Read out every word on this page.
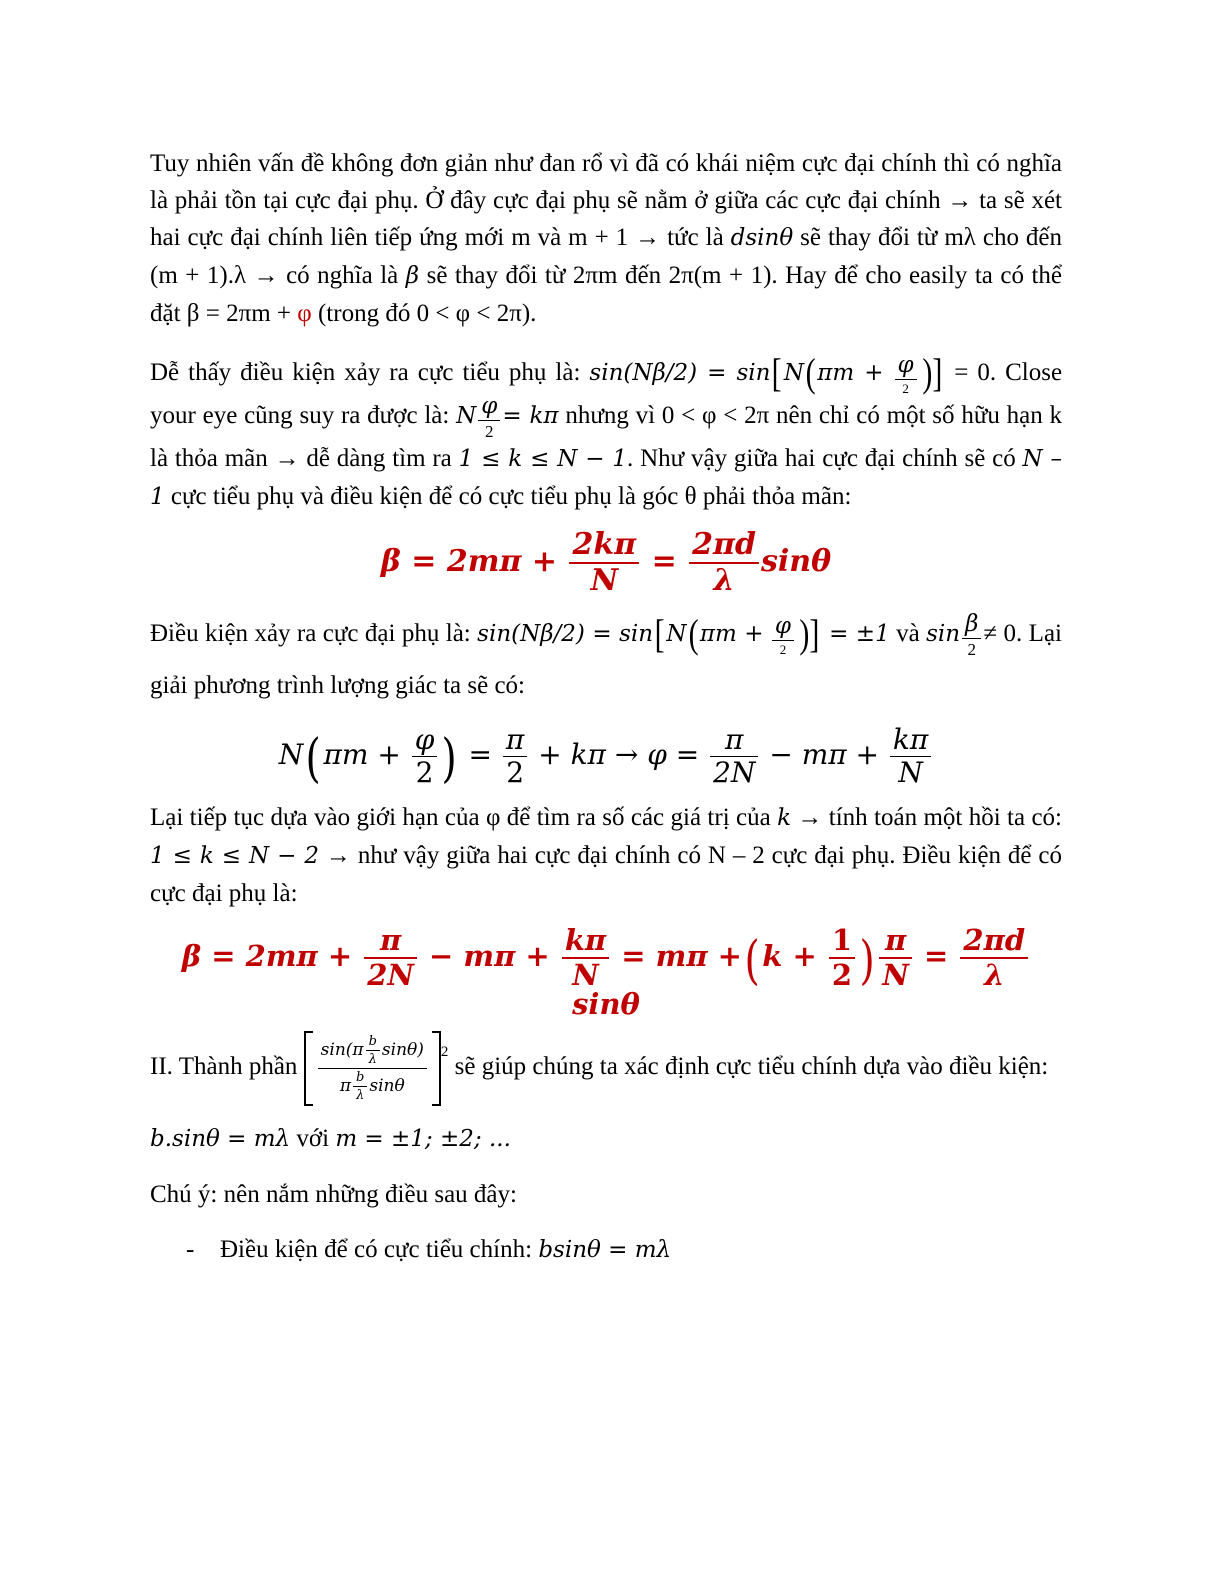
Tuy nhiên vấn đề không đơn giản như đan rổ vì đã có khái niệm cực đại chính thì có nghĩa là phải tồn tại cực đại phụ. Ở đây cực đại phụ sẽ nằm ở giữa các cực đại chính → ta sẽ xét hai cực đại chính liên tiếp ứng mới m và m + 1 → tức là dsinθ sẽ thay đổi từ mλ cho đến (m + 1).λ → có nghĩa là β sẽ thay đổi từ 2πm đến 2π(m + 1). Hay để cho easily ta có thể đặt β = 2πm + φ (trong đó 0 < φ < 2π).

Dễ thấy điều kiện xảy ra cực tiểu phụ là: $\sin(N\beta/2) = \sin[N(\pi m + \frac{\varphi}{2}$ )] = 0. Close your eye cũng suy ra được là: N $\frac{\varphi}{2} = k\pi$ nhưng vì 0 < φ < 2π nên chỉ có một số hữu hạn k là thỏa mãn → dễ dàng tìm ra 1 ≤ k ≤ N − 1. Như vậy giữa hai cực đại chính sẽ có N – 1 cực tiểu phụ và điều kiện để có cực tiểu phụ là góc θ phải thỏa mãn:

$\beta = 2m\pi + \frac{2k\pi}{N} = \frac{2\pi d}{\lambda}$ sinθ

Điều kiện xảy ra cực đại phụ là: $\sin(N\beta/2) = \sin[N(\pi m + \frac{\varphi}{2}$ )] = ±1 và $\sin \frac{\beta}{2} \ne 0$. Lại giải phương trình lượng giác ta sẽ có:

$N(\pi m + \frac{\varphi}{2}$ ) = $\frac{\pi}{2} + k\pi \to \varphi = \frac{\pi}{2N} - m\pi + \frac{k\pi}{N}$

Lại tiếp tục dựa vào giới hạn của φ để tìm ra số các giá trị của k → tính toán một hồi ta có: 1 ≤ k ≤ N − 2 → như vậy giữa hai cực đại chính có N – 2 cực đại phụ. Điều kiện để có cực đại phụ là:

$\beta = 2m\pi + \frac{\pi}{2N} - m\pi + \frac{k\pi}{N} = m\pi +(k + \frac{1}{2}$ ) $\frac{\pi}{N} = \frac{2\pi d}{\lambda}$
sinθ

II. Thành phần $\frac{\sin(\pi \frac{b}{\lambda} \sin\theta)}{\pi \frac{b}{\lambda} \sin\theta} ^2$ sẽ giúp chúng ta xác định cực tiểu chính dựa vào điều kiện:

b.sinθ = mλ với m = ±1; ±2; ...

Chú ý: nên nắm những điều sau đây:

- Điều kiện để có cực tiểu chính: bsinθ = mλ
